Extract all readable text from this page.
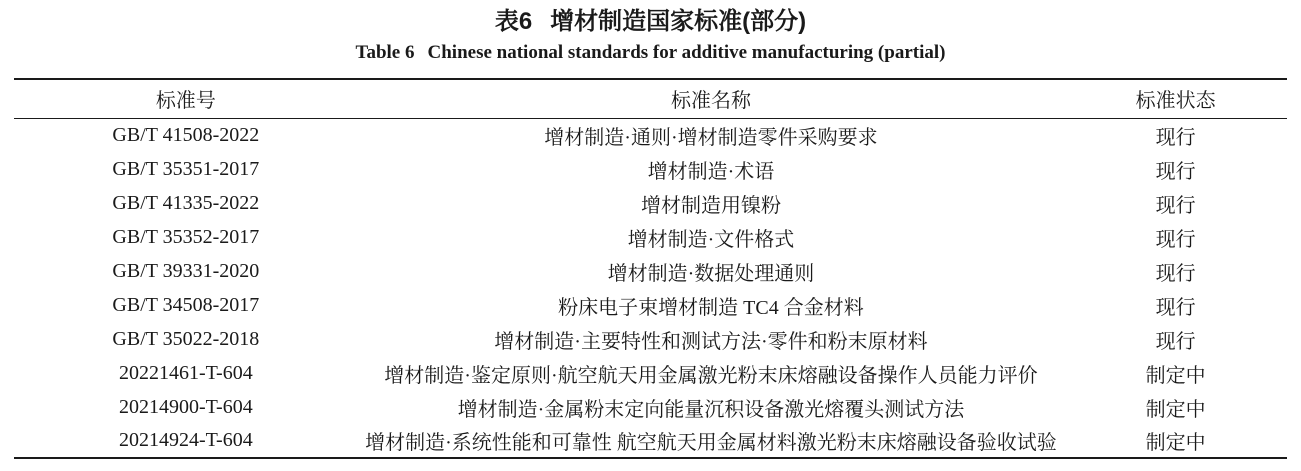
表6 增材制造国家标准(部分)
Table 6 Chinese national standards for additive manufacturing (partial)
标准号	标准名称	标准状态
GB/T 41508-2022	增材制造·通则·增材制造零件采购要求	现行
GB/T 35351-2017	增材制造·术语	现行
GB/T 41335-2022	增材制造用镍粉	现行
GB/T 35352-2017	增材制造·文件格式	现行
GB/T 39331-2020	增材制造·数据处理通则	现行
GB/T 34508-2017	粉床电子束增材制造 TC4 合金材料	现行
GB/T 35022-2018	增材制造·主要特性和测试方法·零件和粉末原材料	现行
20221461-T-604	增材制造·鉴定原则·航空航天用金属激光粉末床熔融设备操作人员能力评价	制定中
20214900-T-604	增材制造·金属粉末定向能量沉积设备激光熔覆头测试方法	制定中
20214924-T-604	增材制造·系统性能和可靠性 航空航天用金属材料激光粉末床熔融设备验收试验	制定中
